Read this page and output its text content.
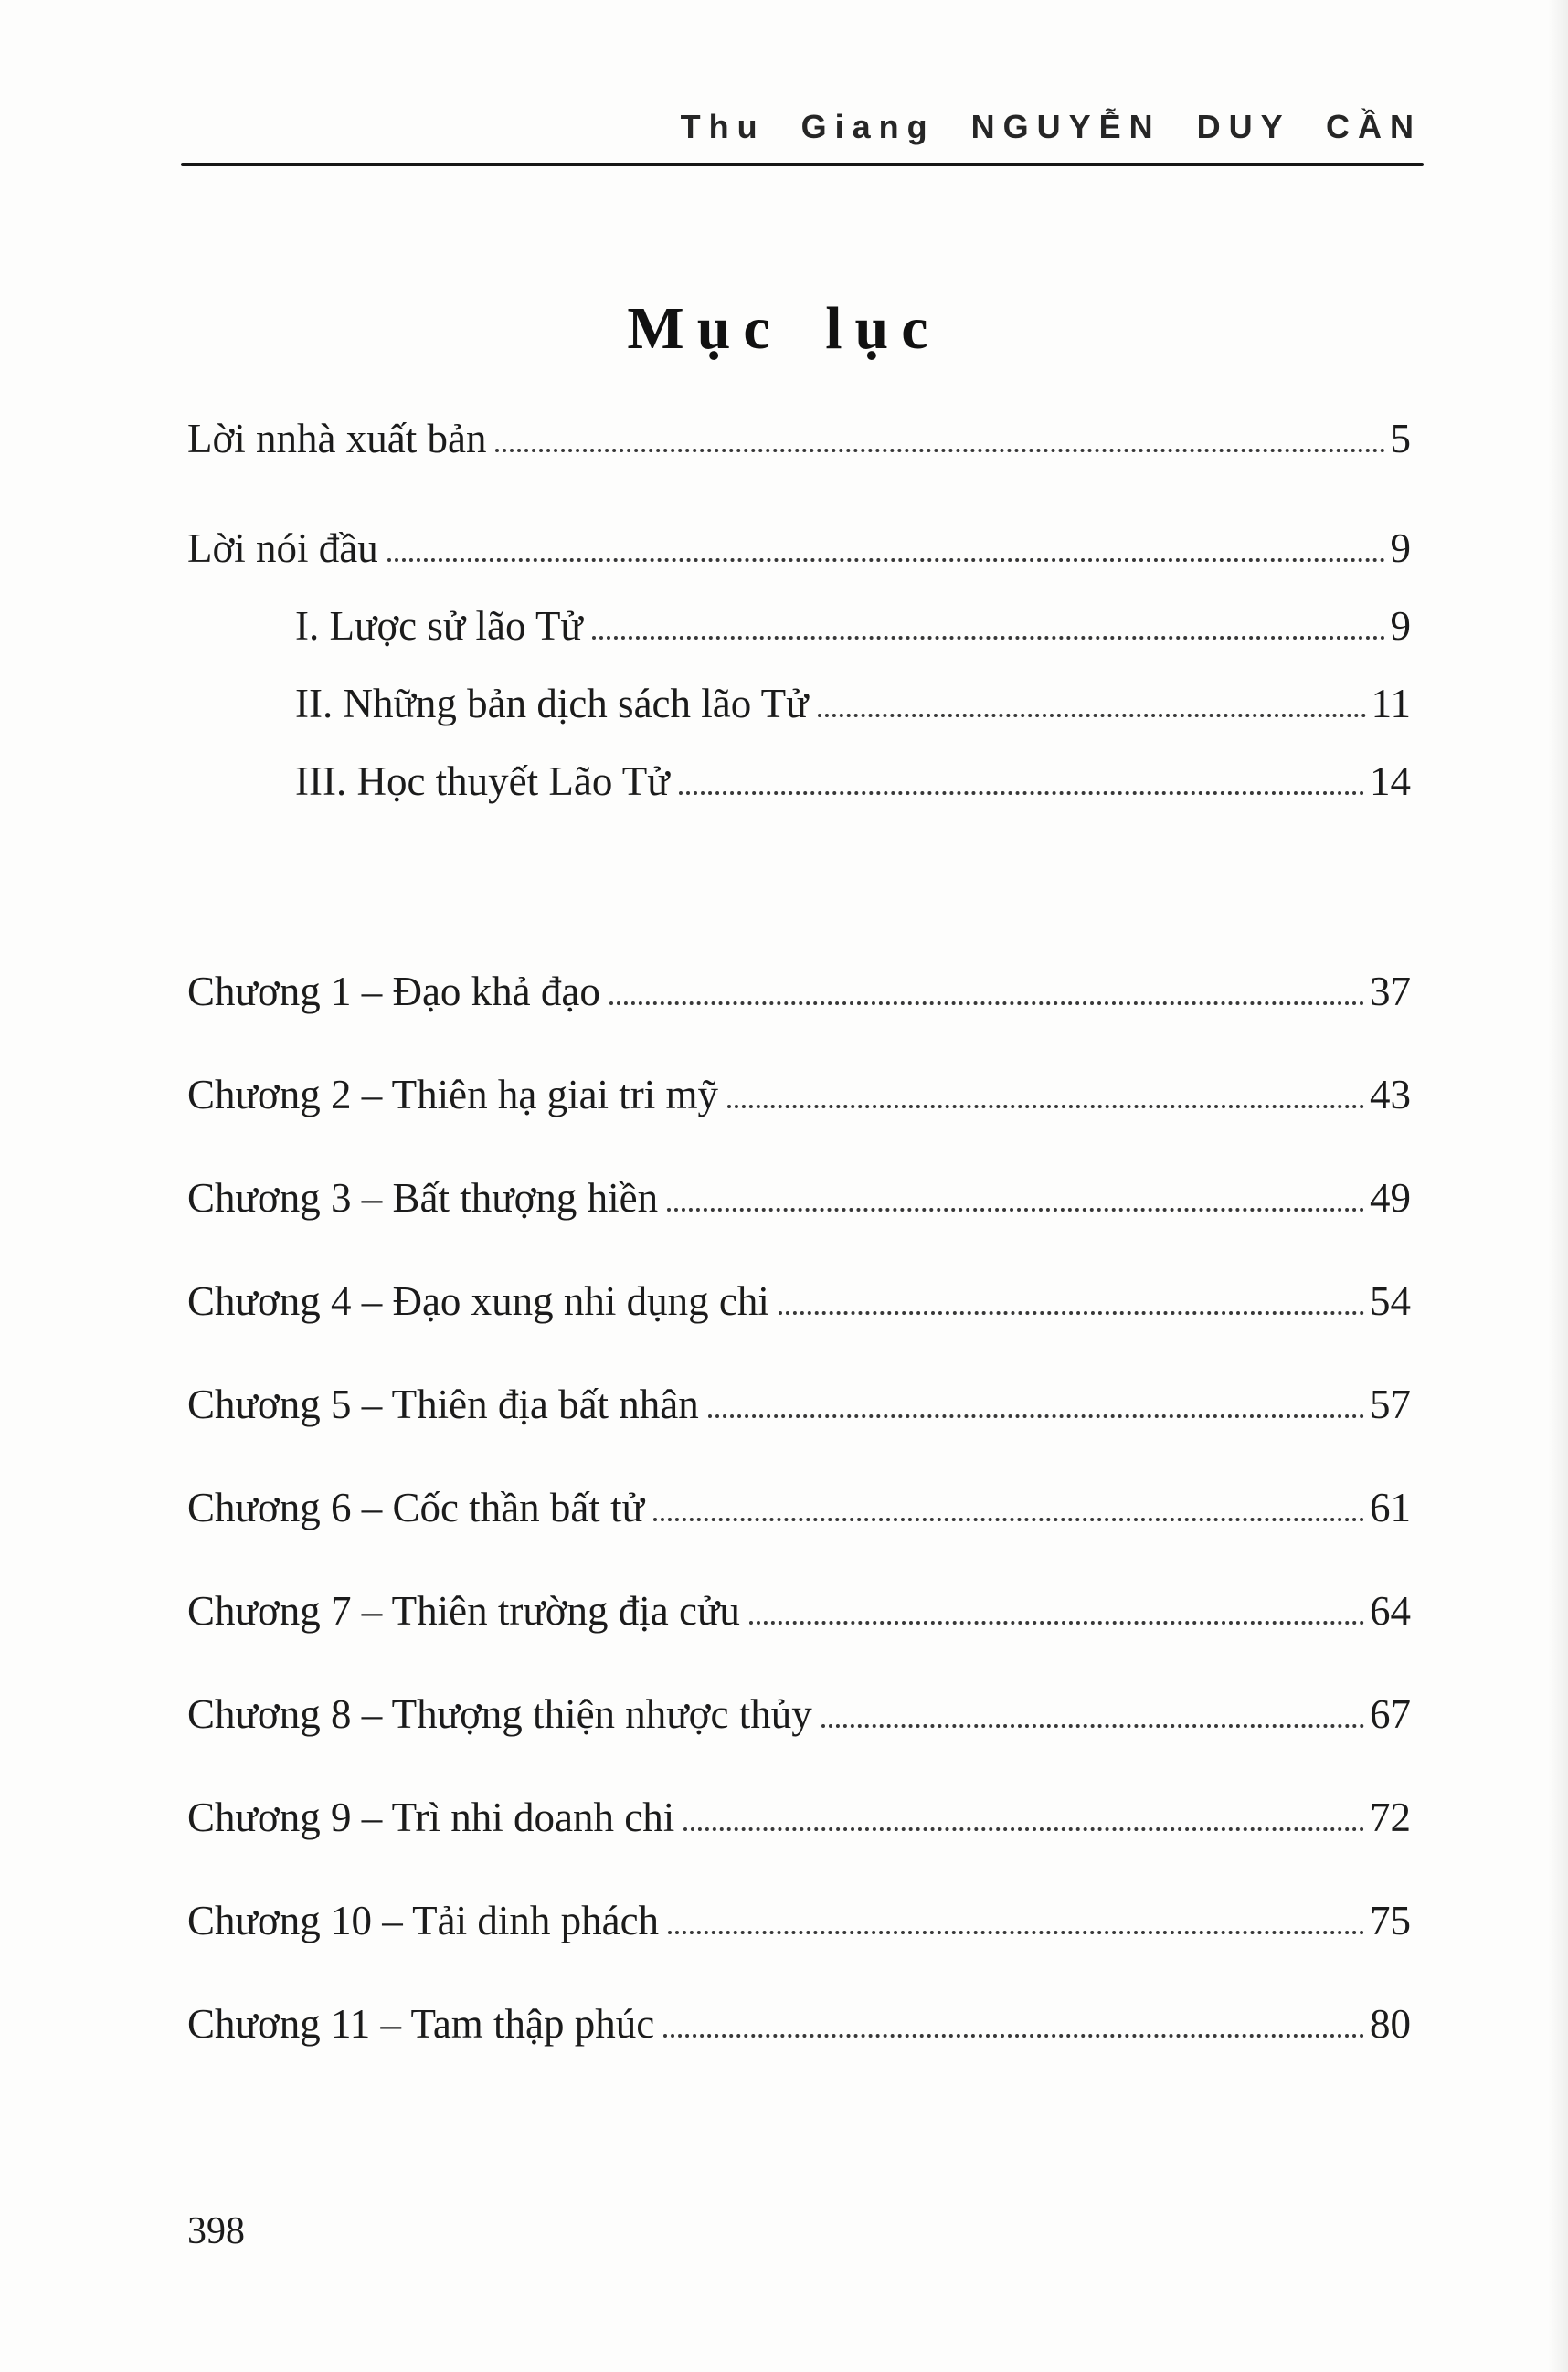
Thu Giang NGUYỄN DUY CẦN
Mục lục
Lời nnhà xuất bản	5
Lời nói đầu	9
I. Lược sử lão Tử	9
II. Những bản dịch sách lão Tử	11
III. Học thuyết Lão Tử	14
Chương 1 – Đạo khả đạo	37
Chương 2 – Thiên hạ giai tri mỹ	43
Chương 3 – Bất thượng hiền	49
Chương 4 – Đạo xung nhi dụng chi	54
Chương 5 – Thiên địa bất nhân	57
Chương 6 – Cốc thần bất tử	61
Chương 7 – Thiên trường địa cửu	64
Chương 8 – Thượng thiện nhược thủy	67
Chương 9 – Trì nhi doanh chi	72
Chương 10 – Tải dinh phách	75
Chương 11 – Tam thập phúc	80
398
